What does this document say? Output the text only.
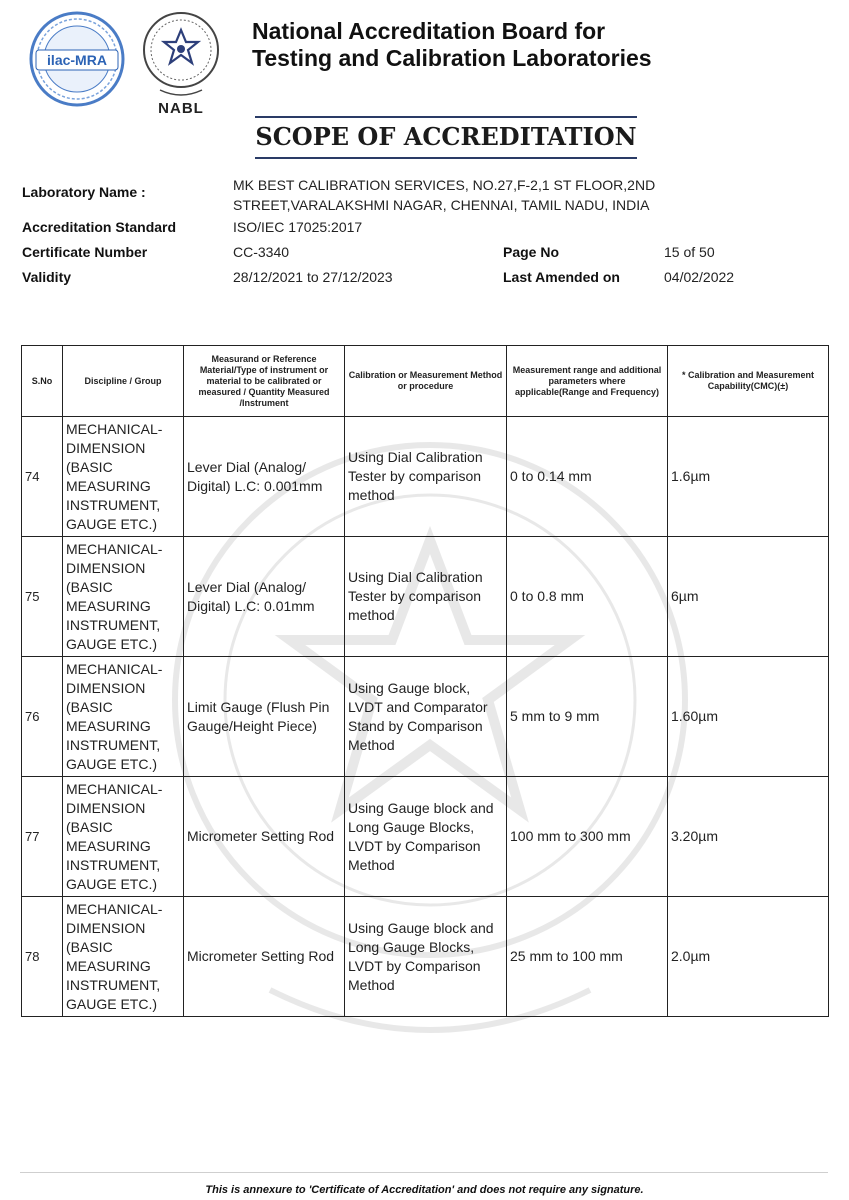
ilac-MRA
NABL
National Accreditation Board for
Testing and Calibration Laboratories
SCOPE OF ACCREDITATION
Laboratory Name :	MK BEST CALIBRATION SERVICES, NO.27,F-2,1 ST FLOOR,2ND
STREET,VARALAKSHMI NAGAR, CHENNAI, TAMIL NADU, INDIA
Accreditation Standard	ISO/IEC 17025:2017
Certificate Number	CC-3340	Page No	15 of 50
Validity	28/12/2021 to 27/12/2023	Last Amended on	04/02/2022
S.No	Discipline / Group	Measurand or Reference Material/Type of instrument or material to be calibrated or measured / Quantity Measured /Instrument	Calibration or Measurement Method or procedure	Measurement range and additional parameters where applicable(Range and Frequency)	* Calibration and Measurement Capability(CMC)(±)
74	MECHANICAL- DIMENSION (BASIC MEASURING INSTRUMENT, GAUGE ETC.)	Lever Dial (Analog/ Digital) L.C: 0.001mm	Using Dial Calibration Tester by comparison method	0 to 0.14 mm	1.6µm
75	MECHANICAL- DIMENSION (BASIC MEASURING INSTRUMENT, GAUGE ETC.)	Lever Dial (Analog/ Digital) L.C: 0.01mm	Using Dial Calibration Tester by comparison method	0 to 0.8 mm	6µm
76	MECHANICAL- DIMENSION (BASIC MEASURING INSTRUMENT, GAUGE ETC.)	Limit Gauge (Flush Pin Gauge/Height Piece)	Using Gauge block, LVDT and Comparator Stand by Comparison Method	5 mm to 9 mm	1.60µm
77	MECHANICAL- DIMENSION (BASIC MEASURING INSTRUMENT, GAUGE ETC.)	Micrometer Setting Rod	Using Gauge block and Long Gauge Blocks, LVDT by Comparison Method	100 mm to 300 mm	3.20µm
78	MECHANICAL- DIMENSION (BASIC MEASURING INSTRUMENT, GAUGE ETC.)	Micrometer Setting Rod	Using Gauge block and Long Gauge Blocks, LVDT by Comparison Method	25 mm to 100 mm	2.0µm
This is annexure to 'Certificate of Accreditation' and does not require any signature.
